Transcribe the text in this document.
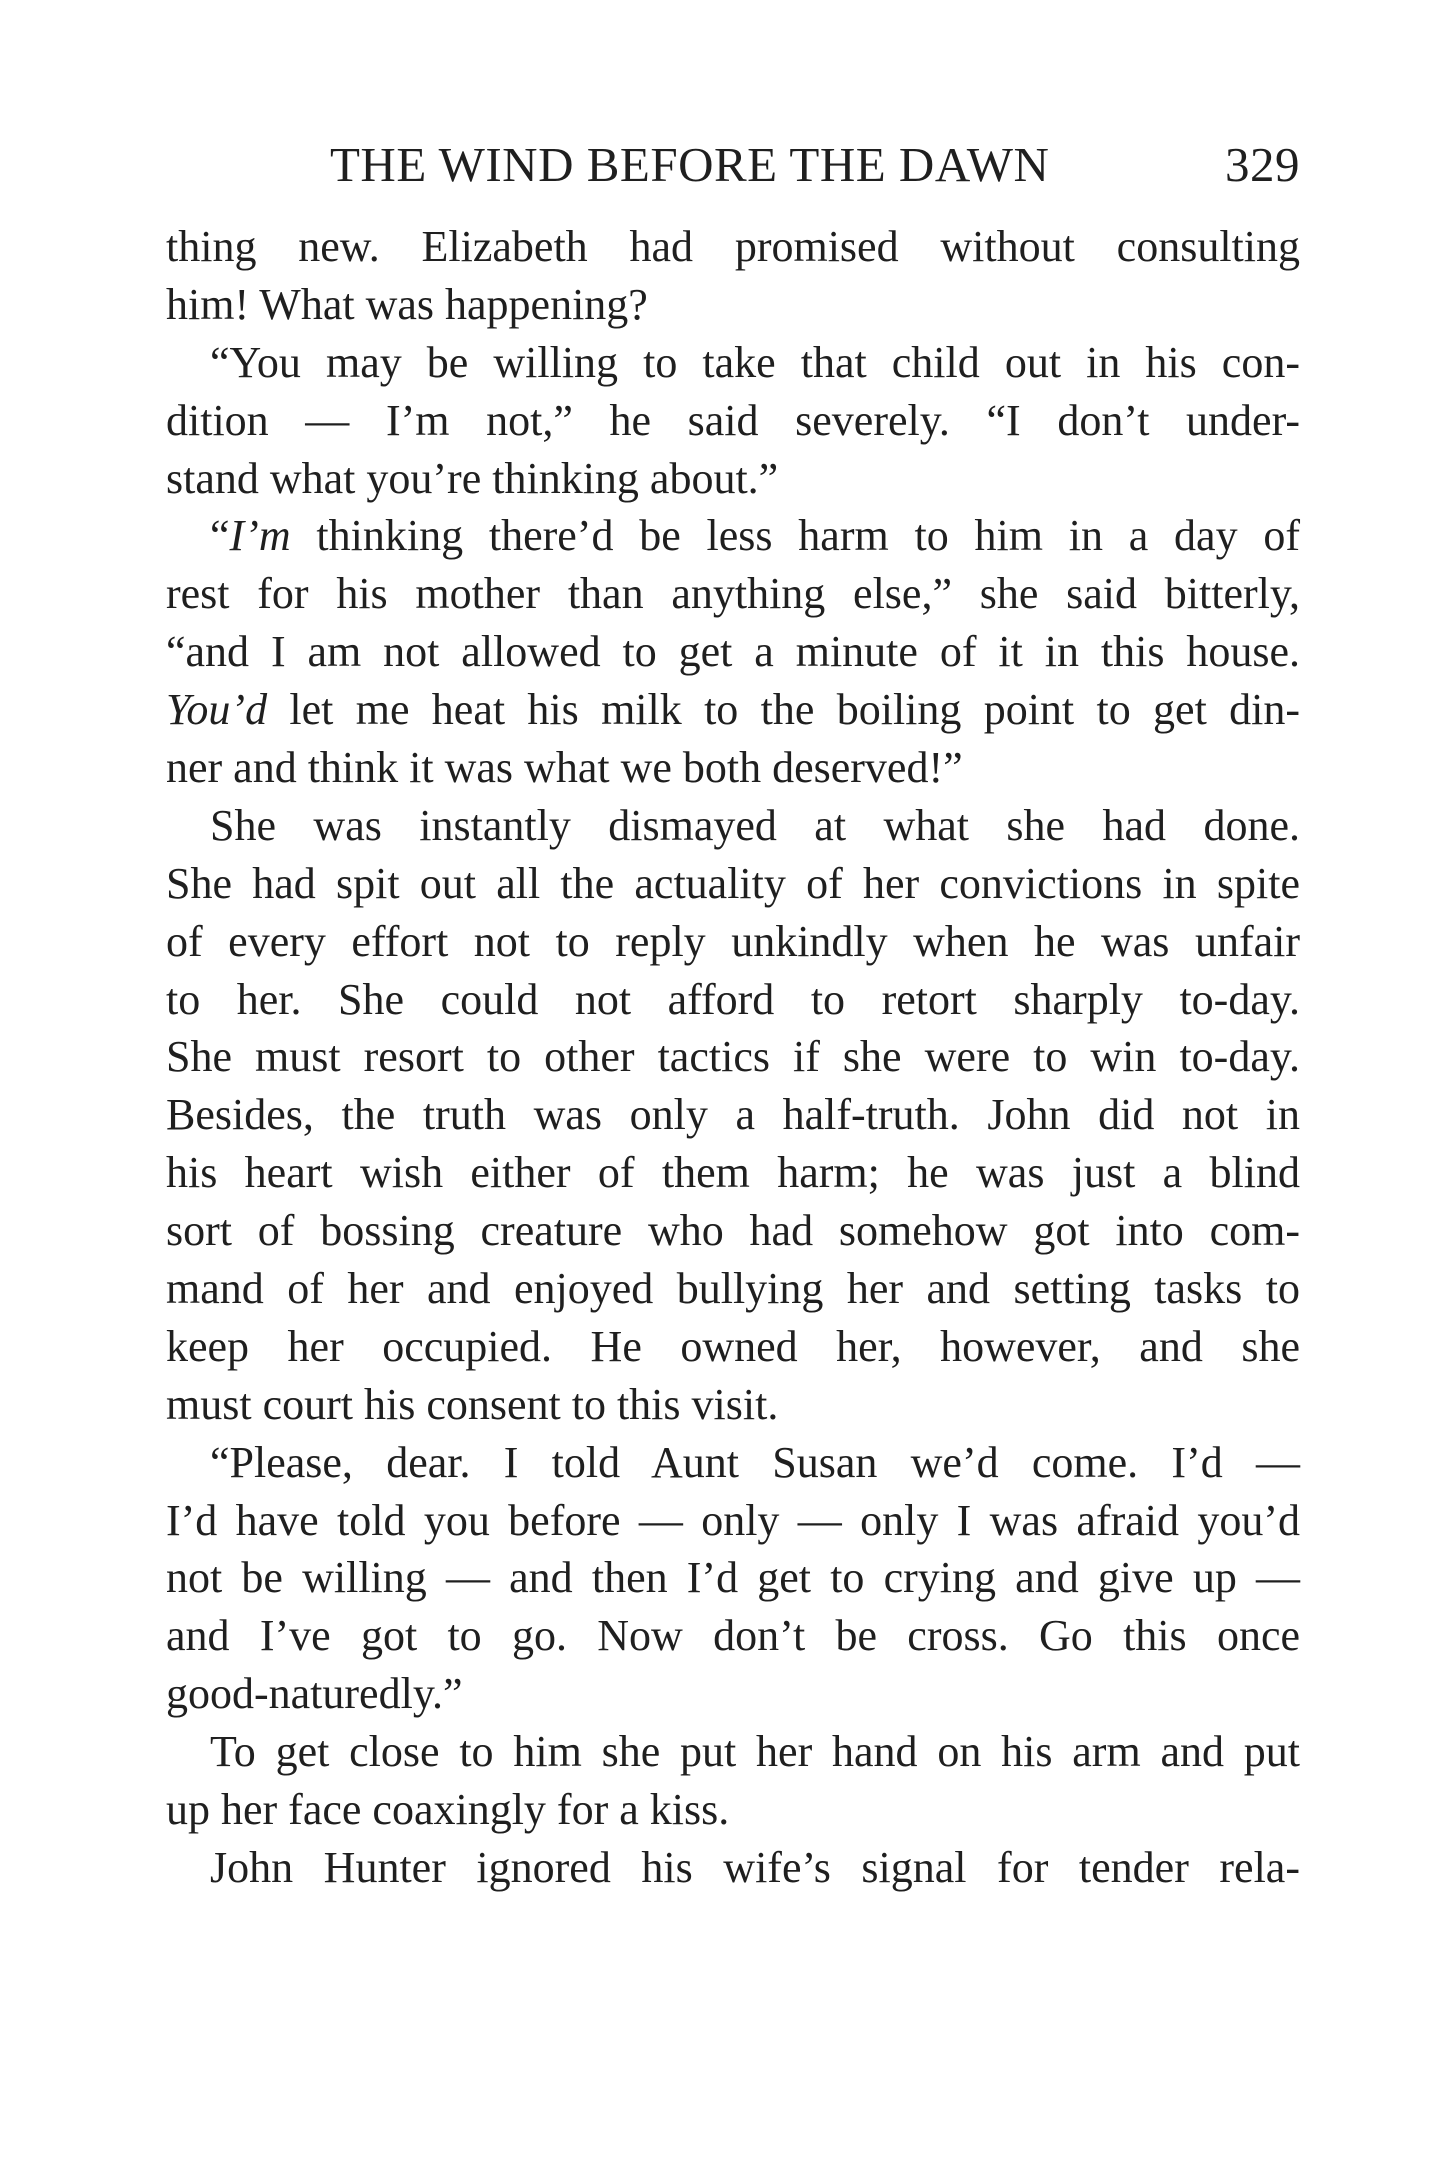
THE WIND BEFORE THE DAWN	329
thing new. Elizabeth had promised without consulting
him! What was happening?
“You may be willing to take that child out in his con-
dition — I’m not,” he said severely. “I don’t under-
stand what you’re thinking about.”
“I’m thinking there’d be less harm to him in a day of
rest for his mother than anything else,” she said bitterly,
“and I am not allowed to get a minute of it in this house.
You’d let me heat his milk to the boiling point to get din-
ner and think it was what we both deserved!”
She was instantly dismayed at what she had done.
She had spit out all the actuality of her convictions in spite
of every effort not to reply unkindly when he was unfair
to her. She could not afford to retort sharply to-day.
She must resort to other tactics if she were to win to-day.
Besides, the truth was only a half-truth. John did not in
his heart wish either of them harm; he was just a blind
sort of bossing creature who had somehow got into com-
mand of her and enjoyed bullying her and setting tasks to
keep her occupied. He owned her, however, and she
must court his consent to this visit.
“Please, dear. I told Aunt Susan we’d come. I’d —
I’d have told you before — only — only I was afraid you’d
not be willing — and then I’d get to crying and give up —
and I’ve got to go. Now don’t be cross. Go this once
good-naturedly.”
To get close to him she put her hand on his arm and put
up her face coaxingly for a kiss.
John Hunter ignored his wife’s signal for tender rela-
